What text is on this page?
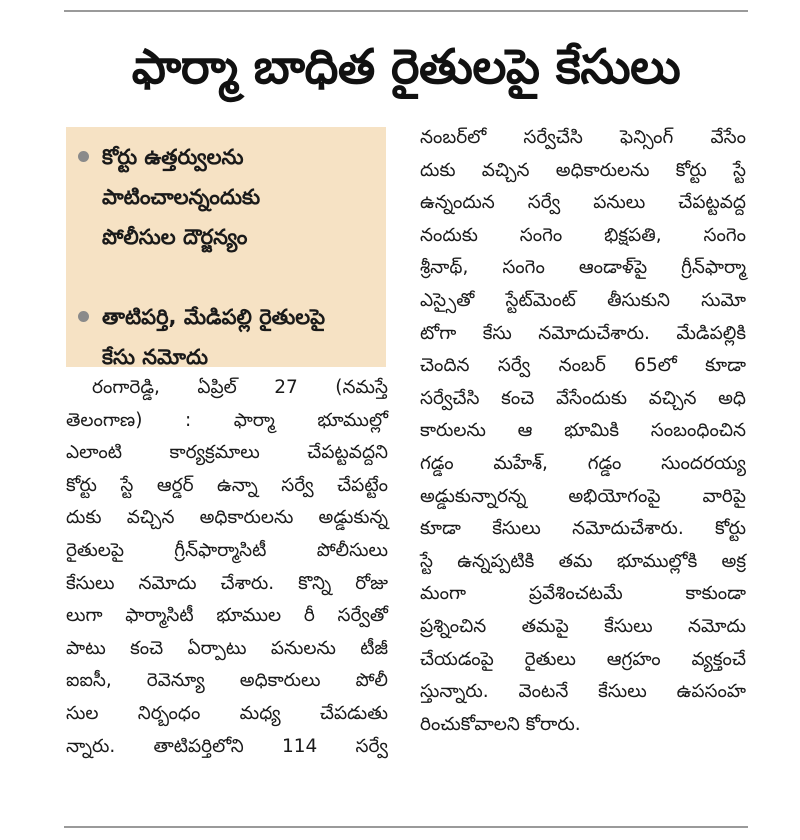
ఫార్మా బాధిత రైతులపై కేసులు
కోర్టు ఉత్తర్వులను
పాటించాలన్నందుకు
పోలీసుల దౌర్జన్యం
తాటిపర్తి, మేడిపల్లి రైతులపై
కేసు నమోదు
రంగారెడ్డి, ఏప్రిల్ 27 (నమస్తే
తెలంగాణ) : ఫార్మా భూముల్లో
ఎలాంటి కార్యక్రమాలు చేపట్టవద్దని
కోర్టు స్టే ఆర్డర్ ఉన్నా సర్వే చేపట్టేం
దుకు వచ్చిన అధికారులను అడ్డుకున్న
రైతులపై గ్రీన్‌ఫార్మాసిటీ పోలీసులు
కేసులు నమోదు చేశారు. కొన్ని రోజు
లుగా ఫార్మాసిటీ భూముల రీ సర్వేతో
పాటు కంచె ఏర్పాటు పనులను టీజీ
ఐఐసీ, రెవెన్యూ అధికారులు పోలీ
సుల నిర్బంధం మధ్య చేపడుతు
న్నారు. తాటిపర్తిలోని 114 సర్వే
నంబర్‌లో సర్వేచేసి ఫెన్సింగ్ వేసేం
దుకు వచ్చిన అధికారులను కోర్టు స్టే
ఉన్నందున సర్వే పనులు చేపట్టవద్ద
నందుకు సంగెం భిక్షపతి, సంగెం
శ్రీనాథ్, సంగెం ఆండాళ్‌పై గ్రీన్‌ఫార్మా
ఎస్సైతో స్టేట్‌మెంట్ తీసుకుని సుమో
టోగా కేసు నమోదుచేశారు. మేడిపల్లికి
చెందిన సర్వే నంబర్ 65లో కూడా
సర్వేచేసి కంచె వేసేందుకు వచ్చిన అధి
కారులను ఆ భూమికి సంబంధించిన
గడ్డం మహేశ్, గడ్డం సుందరయ్య
అడ్డుకున్నారన్న అభియోగంపై వారిపై
కూడా కేసులు నమోదుచేశారు. కోర్టు
స్టే ఉన్నప్పటికి తమ భూముల్లోకి అక్ర
మంగా ప్రవేశించటమే కాకుండా
ప్రశ్నించిన తమపై కేసులు నమోదు
చేయడంపై రైతులు ఆగ్రహం వ్యక్తంచే
స్తున్నారు. వెంటనే కేసులు ఉపసంహ
రించుకోవాలని కోరారు.
